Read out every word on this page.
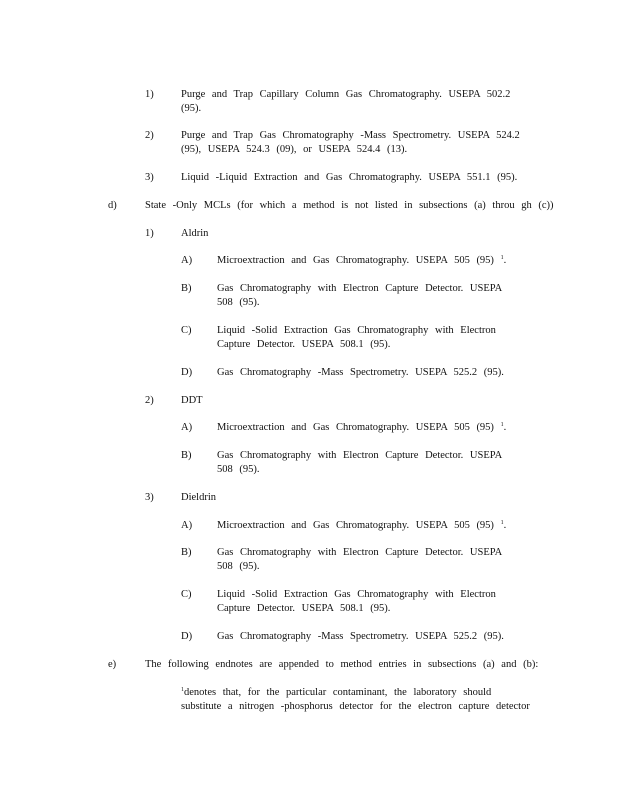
1)	Purge and Trap Capillary Column Gas Chromatography. USEPA 502.2
(95).
2)	Purge and Trap Gas Chromatography -Mass Spectrometry. USEPA 524.2
(95), USEPA 524.3 (09), or USEPA 524.4 (13).
3)	Liquid -Liquid Extraction and Gas Chromatography. USEPA 551.1 (95).
d)	State -Only MCLs (for which a method is not listed in subsections (a) throu gh (c))
1)	Aldrin
A) Microextraction and Gas Chromatography. USEPA 505 (95) $^1$.
B) Gas Chromatography with Electron Capture Detector. USEPA
508 (95).
C) Liquid -Solid Extraction Gas Chromatography with Electron
Capture Detector. USEPA 508.1 (95).
D) Gas Chromatography -Mass Spectrometry. USEPA 525.2 (95).
2)	DDT
A) Microextraction and Gas Chromatography. USEPA 505 (95) $^1$.
B) Gas Chromatography with Electron Capture Detector. USEPA
508 (95).
3)	Dieldrin
A) Microextraction and Gas Chromatography. USEPA 505 (95) $^1$.
B) Gas Chromatography with Electron Capture Detector. USEPA
508 (95).
C) Liquid -Solid Extraction Gas Chromatography with Electron
Capture Detector. USEPA 508.1 (95).
D) Gas Chromatography -Mass Spectrometry. USEPA 525.2 (95).
e)	The following endnotes are appended to method entries in subsections (a) and (b):
$^1$denotes that, for the particular contaminant, the laboratory should
substitute a nitrogen -phosphorus detector for the electron capture detector
